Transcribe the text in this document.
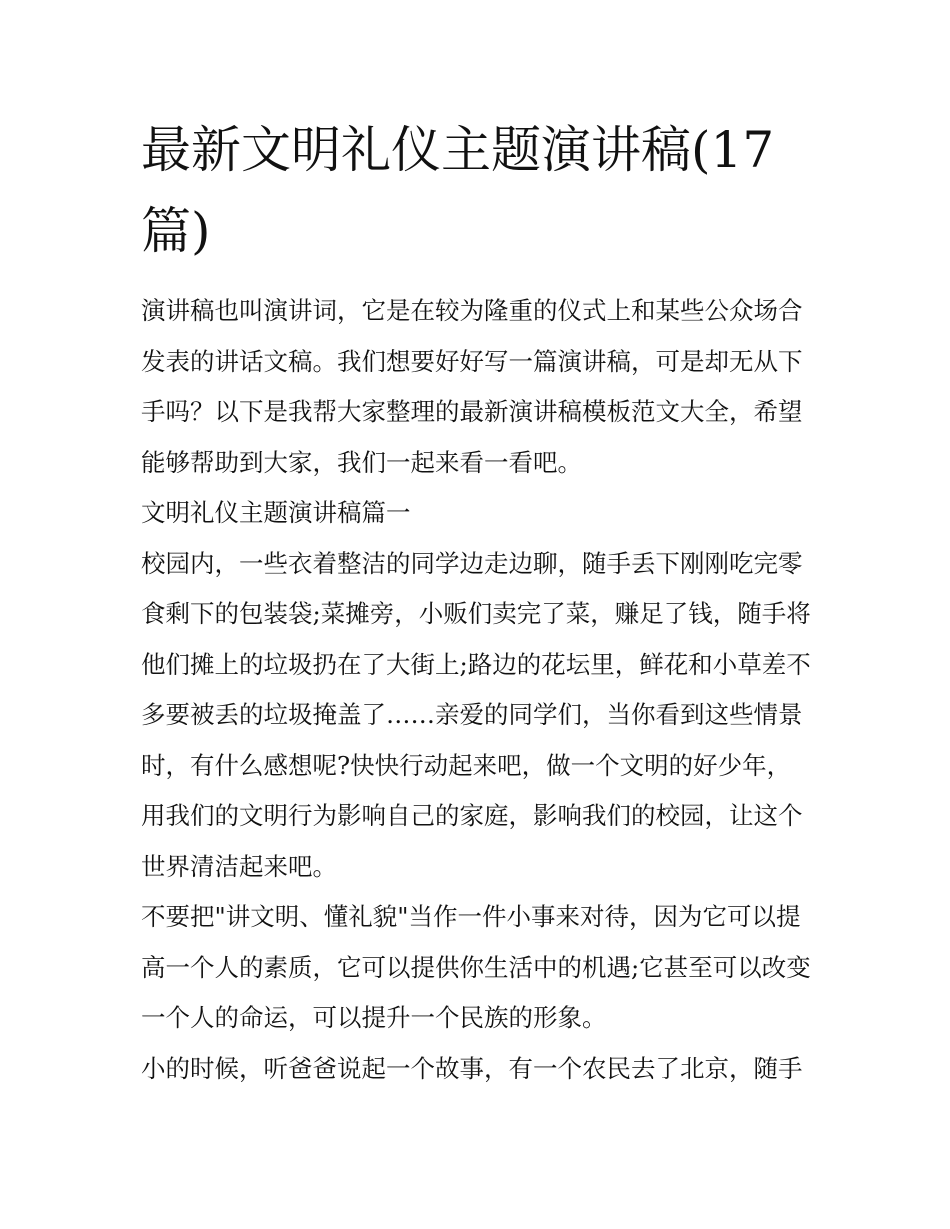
最新文明礼仪主题演讲稿(17篇)

演讲稿也叫演讲词，它是在较为隆重的仪式上和某些公众场合发表的讲话文稿。我们想要好好写一篇演讲稿，可是却无从下手吗？以下是我帮大家整理的最新演讲稿模板范文大全，希望能够帮助到大家，我们一起来看一看吧。

文明礼仪主题演讲稿篇一

校园内，一些衣着整洁的同学边走边聊，随手丢下刚刚吃完零食剩下的包装袋;菜摊旁，小贩们卖完了菜，赚足了钱，随手将他们摊上的垃圾扔在了大街上;路边的花坛里，鲜花和小草差不多要被丢的垃圾掩盖了……亲爱的同学们，当你看到这些情景时，有什么感想呢?快快行动起来吧，做一个文明的好少年，用我们的文明行为影响自己的家庭，影响我们的校园，让这个世界清洁起来吧。

不要把"讲文明、懂礼貌"当作一件小事来对待，因为它可以提高一个人的素质，它可以提供你生活中的机遇;它甚至可以改变一个人的命运，可以提升一个民族的形象。

小的时候，听爸爸说起一个故事，有一个农民去了北京，随手
